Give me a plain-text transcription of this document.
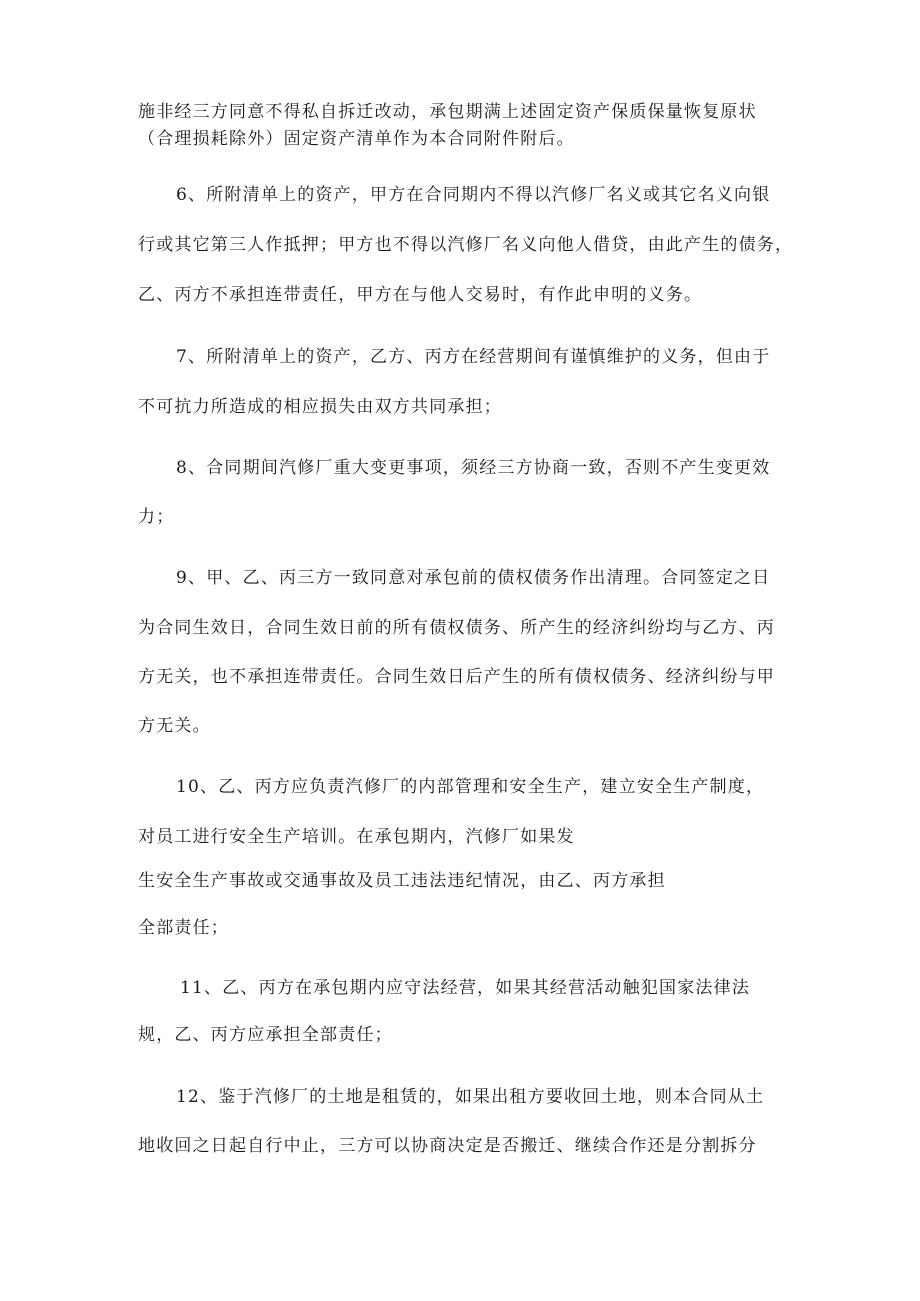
施非经三方同意不得私自拆迁改动，承包期满上述固定资产保质保量恢复原状
（合理损耗除外）固定资产清单作为本合同附件附后。
6、所附清单上的资产，甲方在合同期内不得以汽修厂名义或其它名义向银
行或其它第三人作抵押；甲方也不得以汽修厂名义向他人借贷，由此产生的债务，
乙、丙方不承担连带责任，甲方在与他人交易时，有作此申明的义务。
7、所附清单上的资产，乙方、丙方在经营期间有谨慎维护的义务，但由于
不可抗力所造成的相应损失由双方共同承担；
8、合同期间汽修厂重大变更事项，须经三方协商一致，否则不产生变更效
力；
9、甲、乙、丙三方一致同意对承包前的债权债务作出清理。合同签定之日
为合同生效日，合同生效日前的所有债权债务、所产生的经济纠纷均与乙方、丙
方无关，也不承担连带责任。合同生效日后产生的所有债权债务、经济纠纷与甲
方无关。
10、乙、丙方应负责汽修厂的内部管理和安全生产，建立安全生产制度，
对员工进行安全生产培训。在承包期内，汽修厂如果发
生安全生产事故或交通事故及员工违法违纪情况，由乙、丙方承担
全部责任；
11、乙、丙方在承包期内应守法经营，如果其经营活动触犯国家法律法
规，乙、丙方应承担全部责任；
12、鉴于汽修厂的土地是租赁的，如果出租方要收回土地，则本合同从土
地收回之日起自行中止，三方可以协商决定是否搬迁、继续合作还是分割拆分
